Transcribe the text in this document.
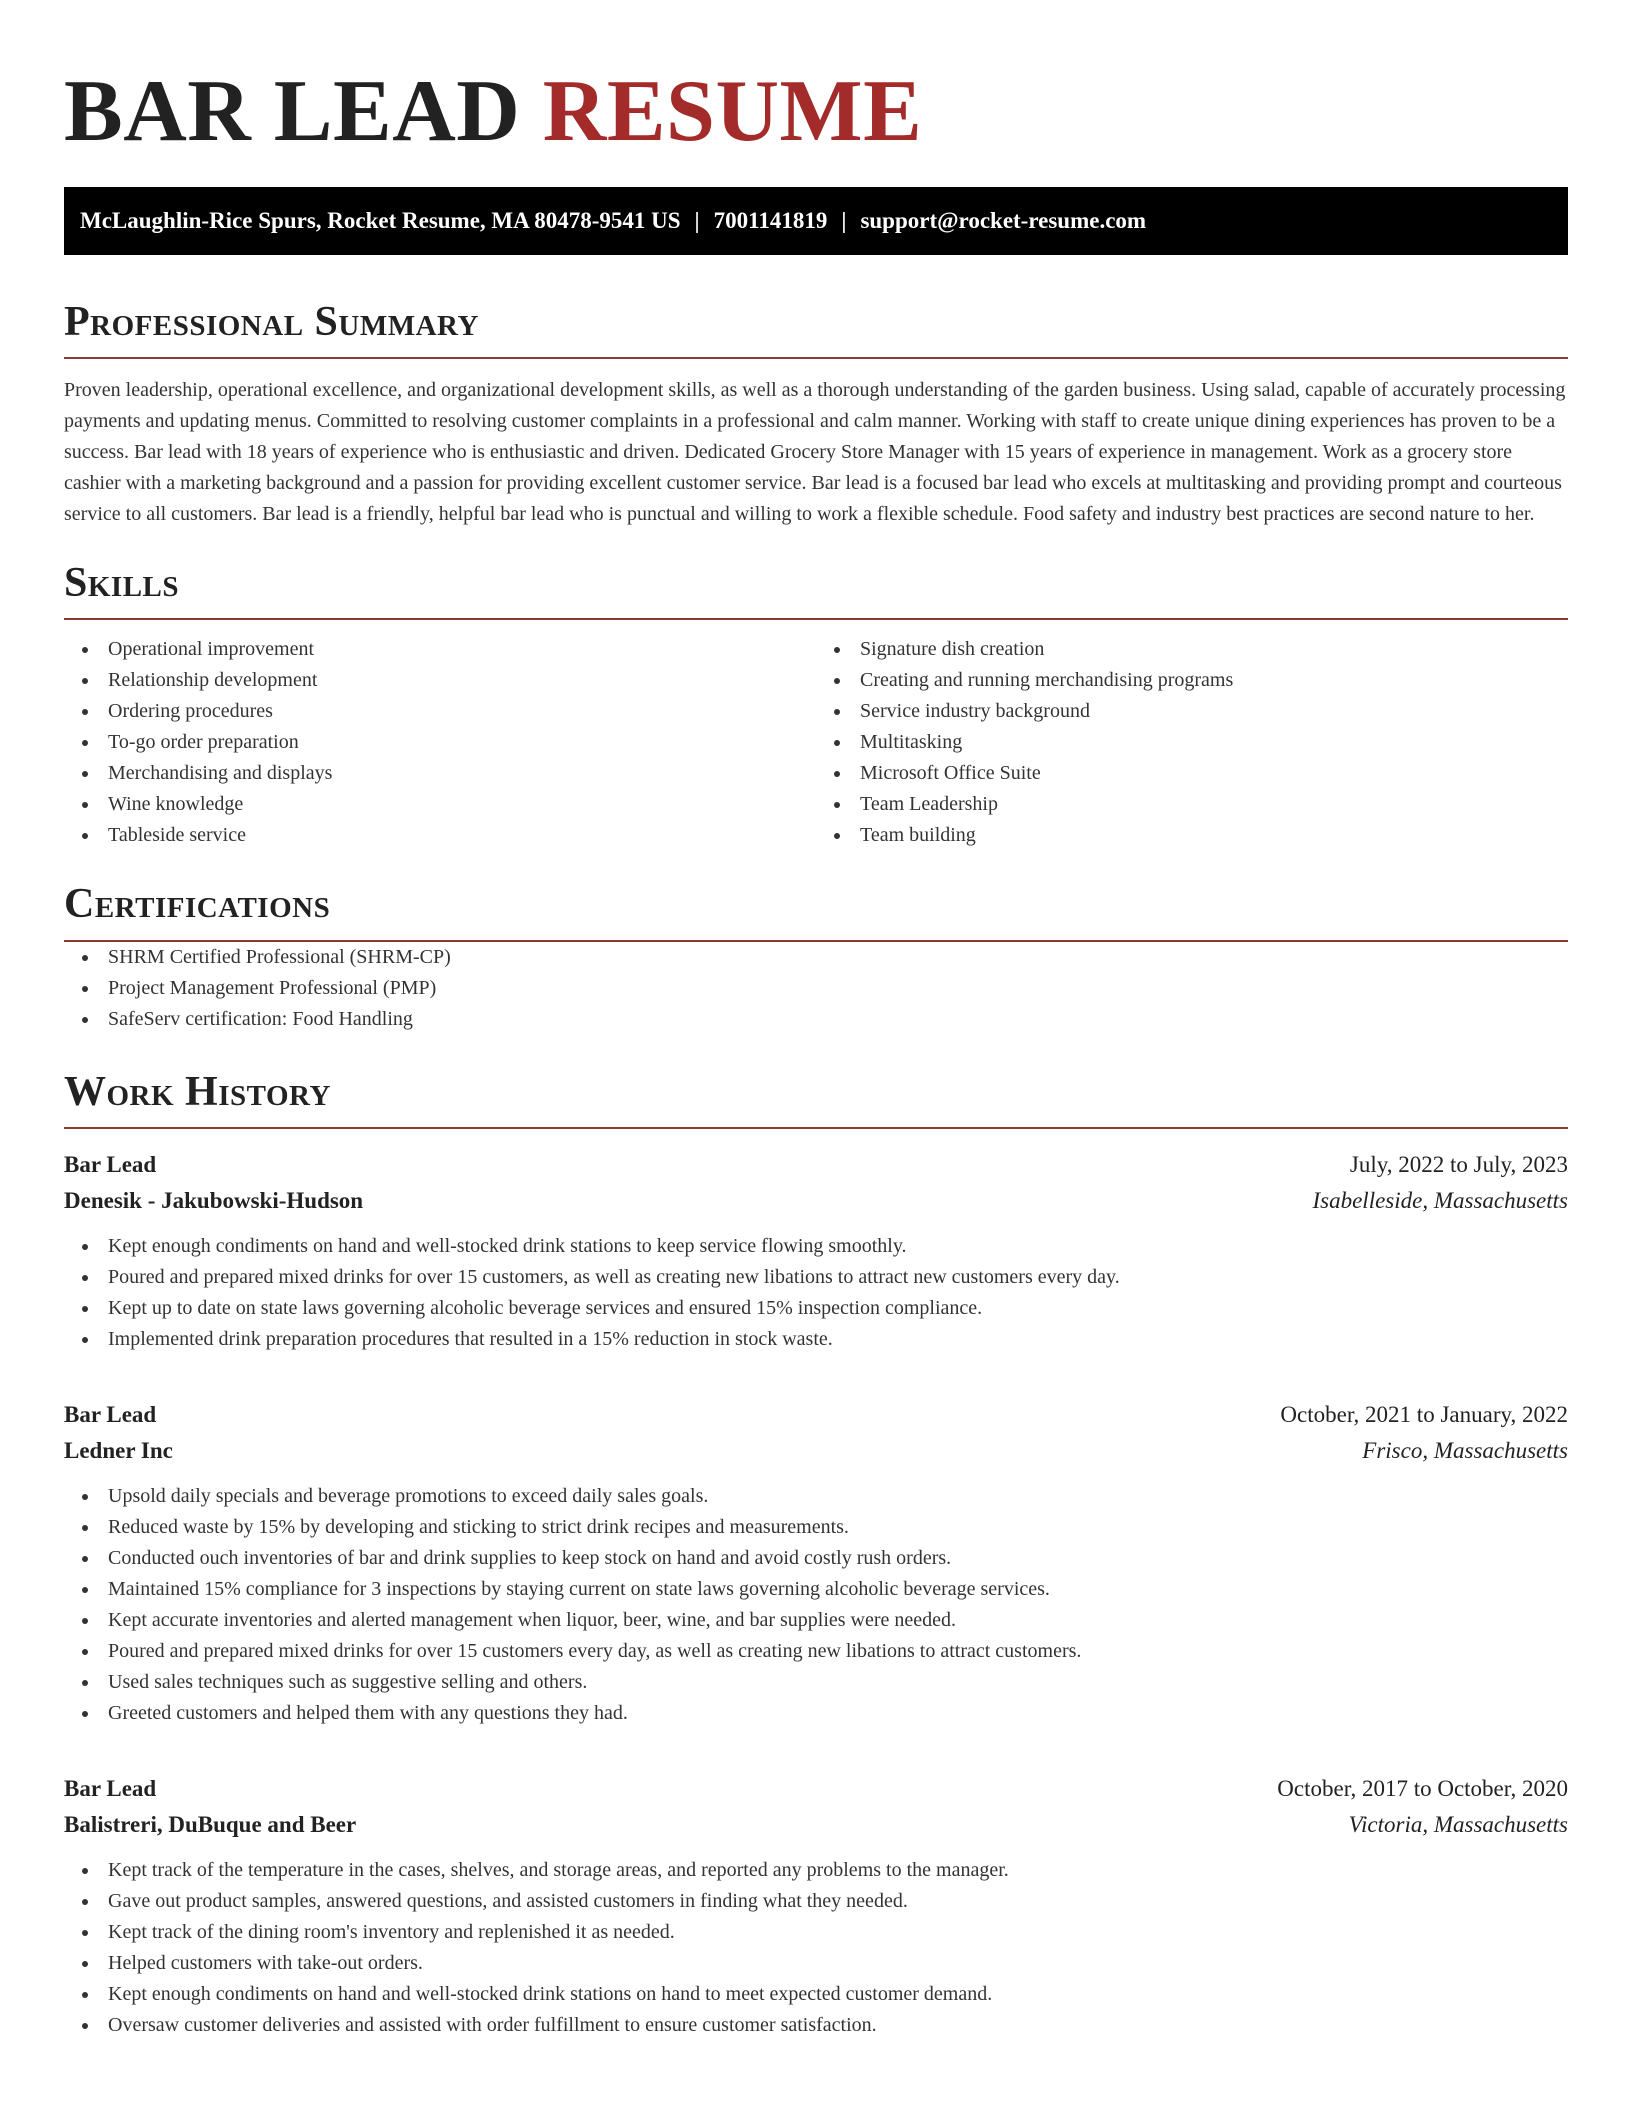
BAR LEAD RESUME
McLaughlin-Rice Spurs, Rocket Resume, MA 80478-9541 US | 7001141819 | support@rocket-resume.com
Professional Summary

Proven leadership, operational excellence, and organizational development skills, as well as a thorough understanding of the garden business. Using salad, capable of accurately processing payments and updating menus. Committed to resolving customer complaints in a professional and calm manner. Working with staff to create unique dining experiences has proven to be a success. Bar lead with 18 years of experience who is enthusiastic and driven. Dedicated Grocery Store Manager with 15 years of experience in management. Work as a grocery store cashier with a marketing background and a passion for providing excellent customer service. Bar lead is a focused bar lead who excels at multitasking and providing prompt and courteous service to all customers. Bar lead is a friendly, helpful bar lead who is punctual and willing to work a flexible schedule. Food safety and industry best practices are second nature to her.

Skills
Operational improvement
Relationship development
Ordering procedures
To-go order preparation
Merchandising and displays
Wine knowledge
Tableside service
Signature dish creation
Creating and running merchandising programs
Service industry background
Multitasking
Microsoft Office Suite
Team Leadership
Team building
Certifications
SHRM Certified Professional (SHRM-CP)
Project Management Professional (PMP)
SafeServ certification: Food Handling
Work History
Bar Lead	July, 2022 to July, 2023
Denesik - Jakubowski-Hudson	Isabelleside, Massachusetts
Kept enough condiments on hand and well-stocked drink stations to keep service flowing smoothly.
Poured and prepared mixed drinks for over 15 customers, as well as creating new libations to attract new customers every day.
Kept up to date on state laws governing alcoholic beverage services and ensured 15% inspection compliance.
Implemented drink preparation procedures that resulted in a 15% reduction in stock waste.
Bar Lead	October, 2021 to January, 2022
Ledner Inc	Frisco, Massachusetts
Upsold daily specials and beverage promotions to exceed daily sales goals.
Reduced waste by 15% by developing and sticking to strict drink recipes and measurements.
Conducted ouch inventories of bar and drink supplies to keep stock on hand and avoid costly rush orders.
Maintained 15% compliance for 3 inspections by staying current on state laws governing alcoholic beverage services.
Kept accurate inventories and alerted management when liquor, beer, wine, and bar supplies were needed.
Poured and prepared mixed drinks for over 15 customers every day, as well as creating new libations to attract customers.
Used sales techniques such as suggestive selling and others.
Greeted customers and helped them with any questions they had.
Bar Lead	October, 2017 to October, 2020
Balistreri, DuBuque and Beer	Victoria, Massachusetts
Kept track of the temperature in the cases, shelves, and storage areas, and reported any problems to the manager.
Gave out product samples, answered questions, and assisted customers in finding what they needed.
Kept track of the dining room's inventory and replenished it as needed.
Helped customers with take-out orders.
Kept enough condiments on hand and well-stocked drink stations on hand to meet expected customer demand.
Oversaw customer deliveries and assisted with order fulfillment to ensure customer satisfaction.
